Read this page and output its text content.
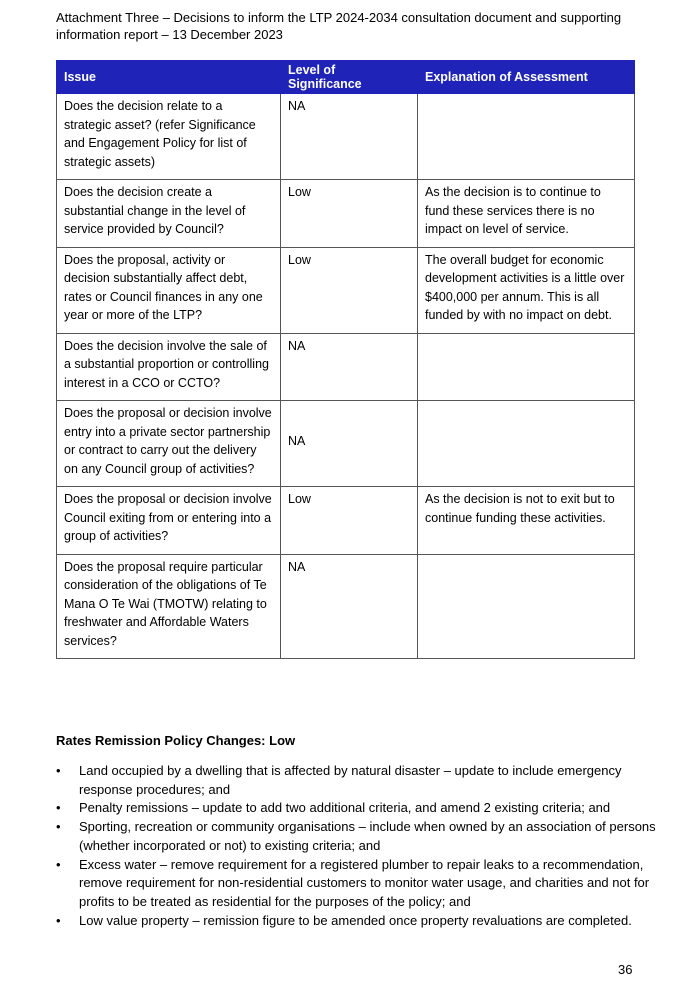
Attachment Three – Decisions to inform the LTP 2024-2034 consultation document and supporting
information report – 13 December 2023
Issue	Level of Significance	Explanation of Assessment
Does the decision relate to a strategic asset? (refer Significance and Engagement Policy for list of strategic assets)	NA	
Does the decision create a substantial change in the level of service provided by Council?	Low	As the decision is to continue to fund these services there is no impact on level of service.
Does the proposal, activity or decision substantially affect debt, rates or Council finances in any one year or more of the LTP?	Low	The overall budget for economic development activities is a little over $400,000 per annum. This is all funded by with no impact on debt.
Does the decision involve the sale of a substantial proportion or controlling interest in a CCO or CCTO?	NA	
Does the proposal or decision involve entry into a private sector partnership or contract to carry out the delivery on any Council group of activities?	NA	
Does the proposal or decision involve Council exiting from or entering into a group of activities?	Low	As the decision is not to exit but to continue funding these activities.
Does the proposal require particular consideration of the obligations of Te Mana O Te Wai (TMOTW) relating to freshwater and Affordable Waters services?	NA	
Rates Remission Policy Changes: Low
• Land occupied by a dwelling that is affected by natural disaster – update to include emergency response procedures; and
• Penalty remissions – update to add two additional criteria, and amend 2 existing criteria; and
• Sporting, recreation or community organisations – include when owned by an association of persons (whether incorporated or not) to existing criteria; and
• Excess water – remove requirement for a registered plumber to repair leaks to a recommendation, remove requirement for non-residential customers to monitor water usage, and charities and not for profits to be treated as residential for the purposes of the policy; and
• Low value property – remission figure to be amended once property revaluations are completed.
36
